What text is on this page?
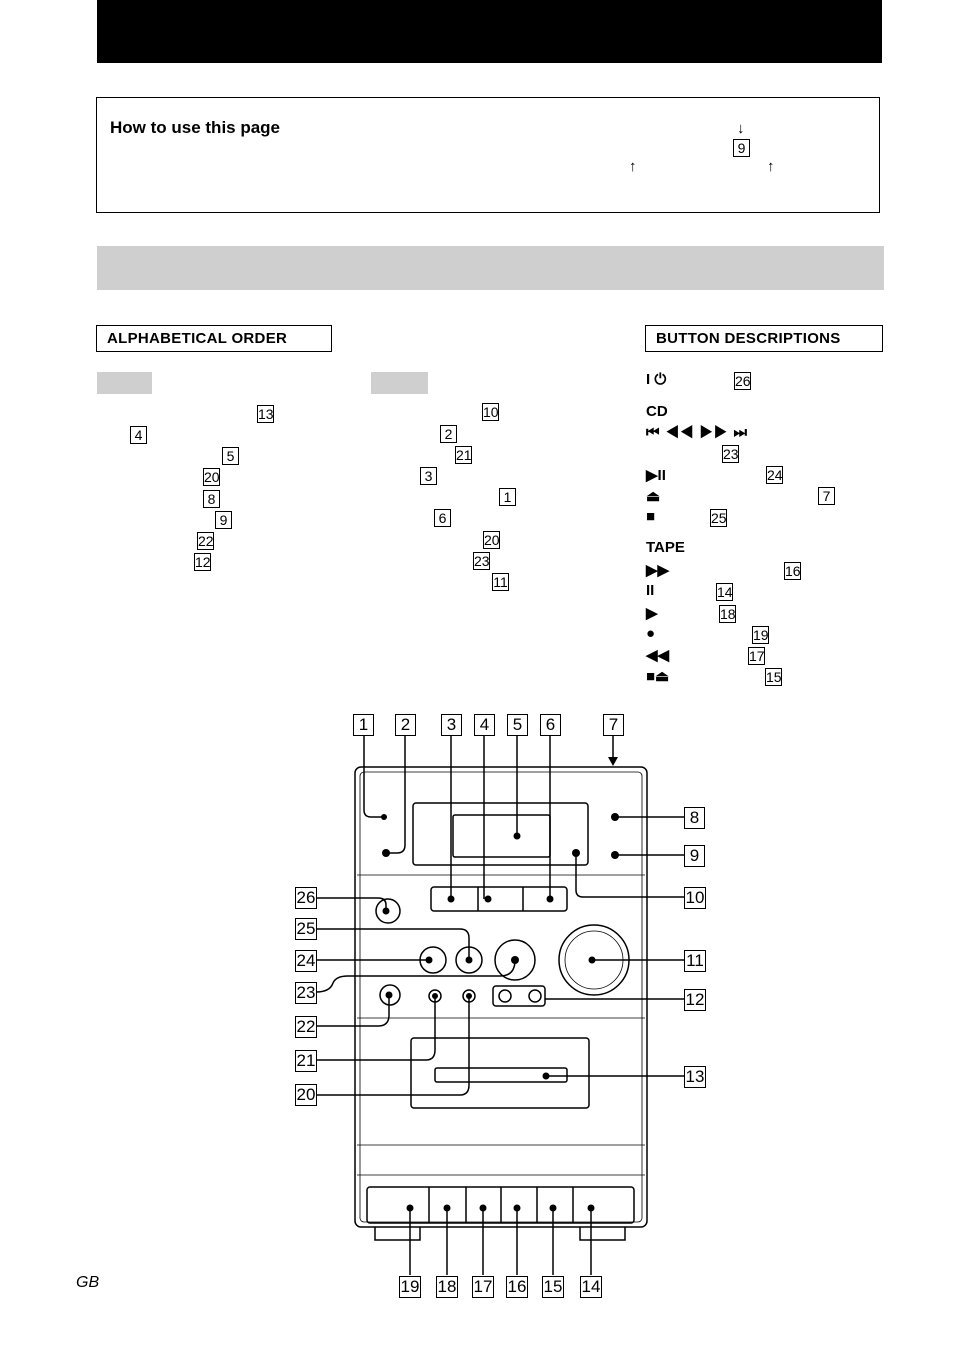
How to use this page	↓
9
↑	↑
ALPHABETICAL ORDER	BUTTON DESCRIPTIONS
13
4
5
20
8
9
22
12
10
2
21
3
1
6
20
23
11
I ⏻	26
CD
⏮ ◀◀ ▶▶ ⏭
23
▶II	24
⏏	7
■	25
TAPE
▶▶	16
II	14
▶	18
●	19
◀◀	17
■⏏	15
1	2	3	4	5	6	7
8
9
10
11
12
13
26
25
24
23
22
21
20
19 18 17 16 15 14
GB
